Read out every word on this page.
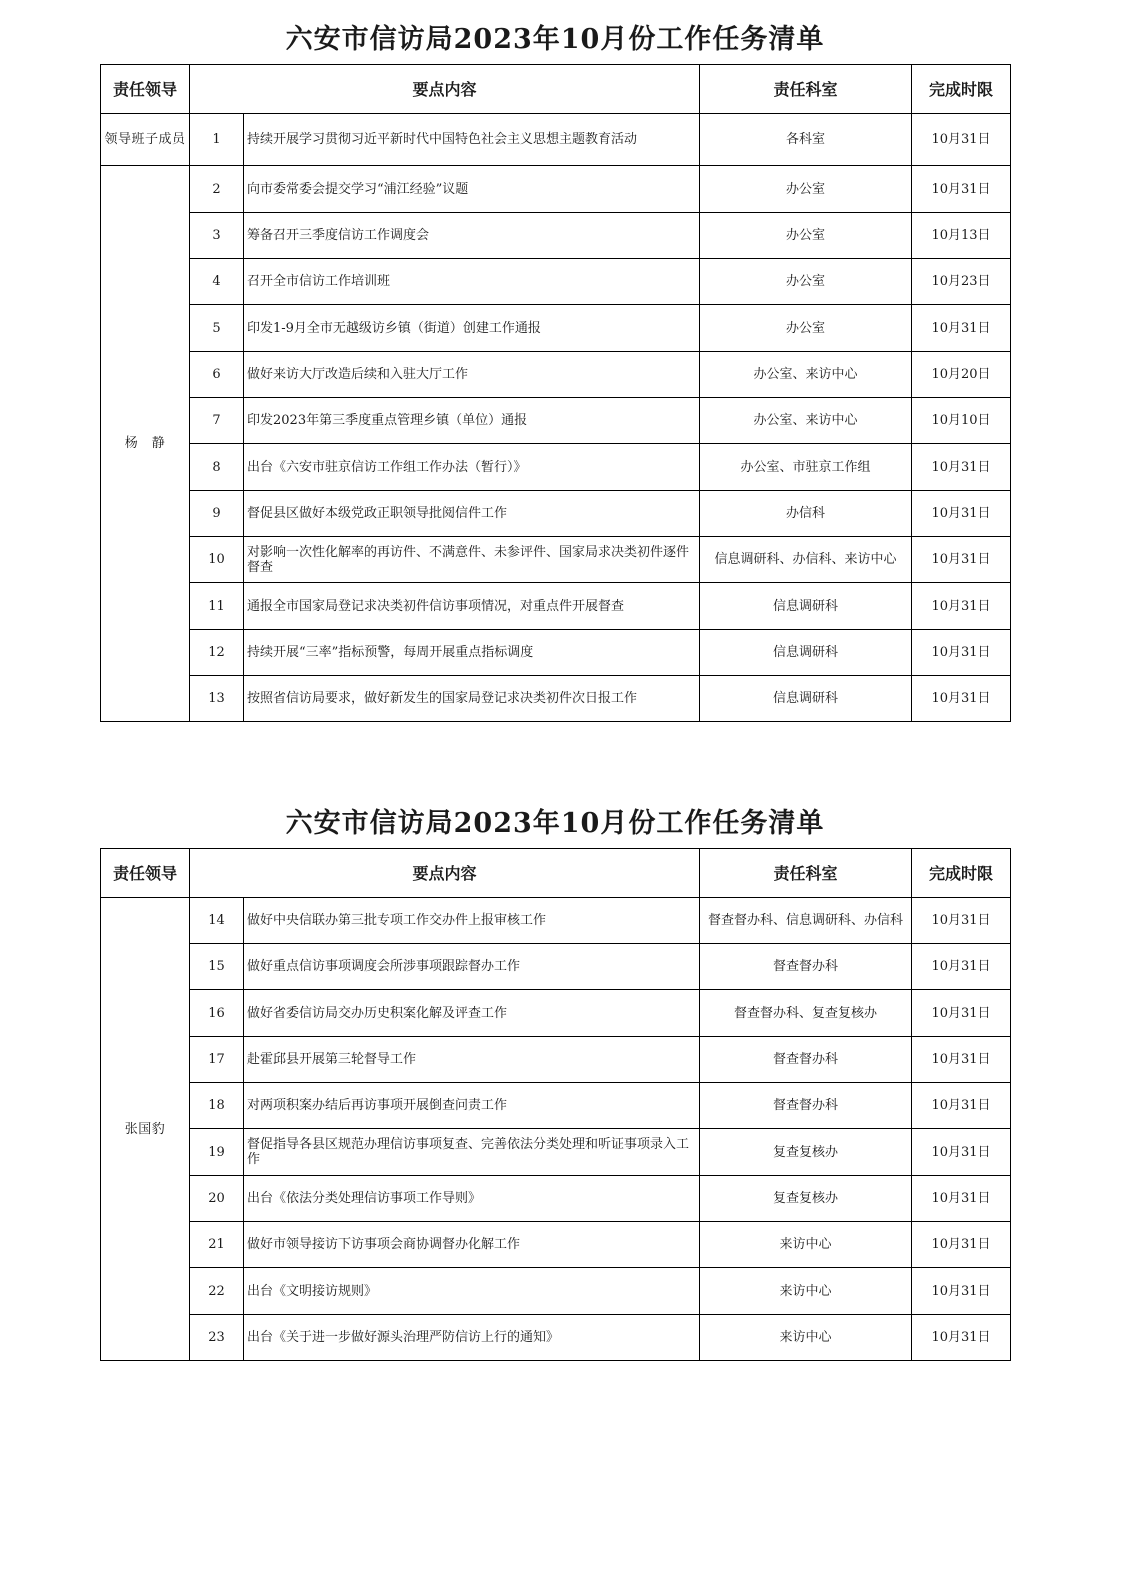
六安市信访局2023年10月份工作任务清单
责任领导	要点内容		责任科室	完成时限
领导班子成员	1	持续开展学习贯彻习近平新时代中国特色社会主义思想主题教育活动	各科室	10月31日
杨　静	2	向市委常委会提交学习“浦江经验”议题	办公室	10月31日
	3	筹备召开三季度信访工作调度会	办公室	10月13日
	4	召开全市信访工作培训班	办公室	10月23日
	5	印发1-9月全市无越级访乡镇（街道）创建工作通报	办公室	10月31日
	6	做好来访大厅改造后续和入驻大厅工作	办公室、来访中心	10月20日
	7	印发2023年第三季度重点管理乡镇（单位）通报	办公室、来访中心	10月10日
	8	出台《六安市驻京信访工作组工作办法（暂行）》	办公室、市驻京工作组	10月31日
	9	督促县区做好本级党政正职领导批阅信件工作	办信科	10月31日
	10	对影响一次性化解率的再访件、不满意件、未参评件、国家局求决类初件逐件督查	信息调研科、办信科、来访中心	10月31日
	11	通报全市国家局登记求决类初件信访事项情况，对重点件开展督查	信息调研科	10月31日
	12	持续开展“三率”指标预警，每周开展重点指标调度	信息调研科	10月31日
	13	按照省信访局要求，做好新发生的国家局登记求决类初件次日报工作	信息调研科	10月31日
六安市信访局2023年10月份工作任务清单
责任领导	要点内容		责任科室	完成时限
张国豹	14	做好中央信联办第三批专项工作交办件上报审核工作	督查督办科、信息调研科、办信科	10月31日
	15	做好重点信访事项调度会所涉事项跟踪督办工作	督查督办科	10月31日
	16	做好省委信访局交办历史积案化解及评查工作	督查督办科、复查复核办	10月31日
	17	赴霍邱县开展第三轮督导工作	督查督办科	10月31日
	18	对两项积案办结后再访事项开展倒查问责工作	督查督办科	10月31日
	19	督促指导各县区规范办理信访事项复查、完善依法分类处理和听证事项录入工作	复查复核办	10月31日
	20	出台《依法分类处理信访事项工作导则》	复查复核办	10月31日
	21	做好市领导接访下访事项会商协调督办化解工作	来访中心	10月31日
	22	出台《文明接访规则》	来访中心	10月31日
	23	出台《关于进一步做好源头治理严防信访上行的通知》	来访中心	10月31日
